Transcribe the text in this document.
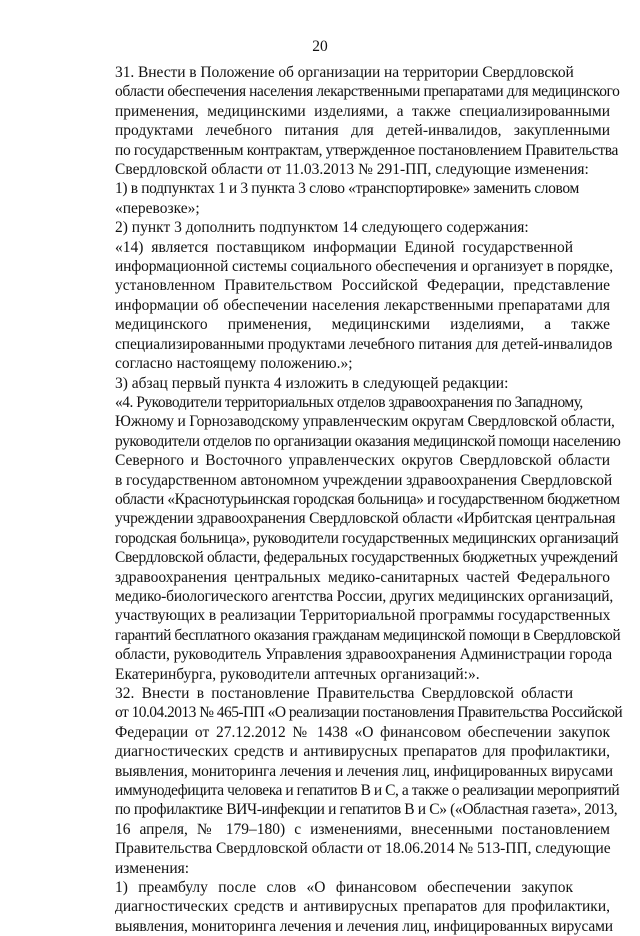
20
31. Внести в Положение об организации на территории Свердловской
области обеспечения населения лекарственными препаратами для медицинского
применения, медицинскими изделиями, а также специализированными
продуктами лечебного питания для детей-инвалидов, закупленными
по государственным контрактам, утвержденное постановлением Правительства
Свердловской области от 11.03.2013 № 291-ПП, следующие изменения:
1) в подпунктах 1 и 3 пункта 3 слово «транспортировке» заменить словом
«перевозке»;
2) пункт 3 дополнить подпунктом 14 следующего содержания:
«14) является поставщиком информации Единой государственной
информационной системы социального обеспечения и организует в порядке,
установленном Правительством Российской Федерации, представление
информации об обеспечении населения лекарственными препаратами для
медицинского применения, медицинскими изделиями, а также
специализированными продуктами лечебного питания для детей-инвалидов
согласно настоящему положению.»;
3) абзац первый пункта 4 изложить в следующей редакции:
«4. Руководители территориальных отделов здравоохранения по Западному,
Южному и Горнозаводскому управленческим округам Свердловской области,
руководители отделов по организации оказания медицинской помощи населению
Северного и Восточного управленческих округов Свердловской области
в государственном автономном учреждении здравоохранения Свердловской
области «Краснотурьинская городская больница» и государственном бюджетном
учреждении здравоохранения Свердловской области «Ирбитская центральная
городская больница», руководители государственных медицинских организаций
Свердловской области, федеральных государственных бюджетных учреждений
здравоохранения центральных медико-санитарных частей Федерального
медико-биологического агентства России, других медицинских организаций,
участвующих в реализации Территориальной программы государственных
гарантий бесплатного оказания гражданам медицинской помощи в Свердловской
области, руководитель Управления здравоохранения Администрации города
Екатеринбурга, руководители аптечных организаций:».
32. Внести в постановление Правительства Свердловской области
от 10.04.2013 № 465-ПП «О реализации постановления Правительства Российской
Федерации от 27.12.2012 № 1438 «О финансовом обеспечении закупок
диагностических средств и антивирусных препаратов для профилактики,
выявления, мониторинга лечения и лечения лиц, инфицированных вирусами
иммунодефицита человека и гепатитов В и С, а также о реализации мероприятий
по профилактике ВИЧ-инфекции и гепатитов В и С» («Областная газета», 2013,
16 апреля, № 179–180) с изменениями, внесенными постановлением
Правительства Свердловской области от 18.06.2014 № 513-ПП, следующие
изменения:
1) преамбулу после слов «О финансовом обеспечении закупок
диагностических средств и антивирусных препаратов для профилактики,
выявления, мониторинга лечения и лечения лиц, инфицированных вирусами
